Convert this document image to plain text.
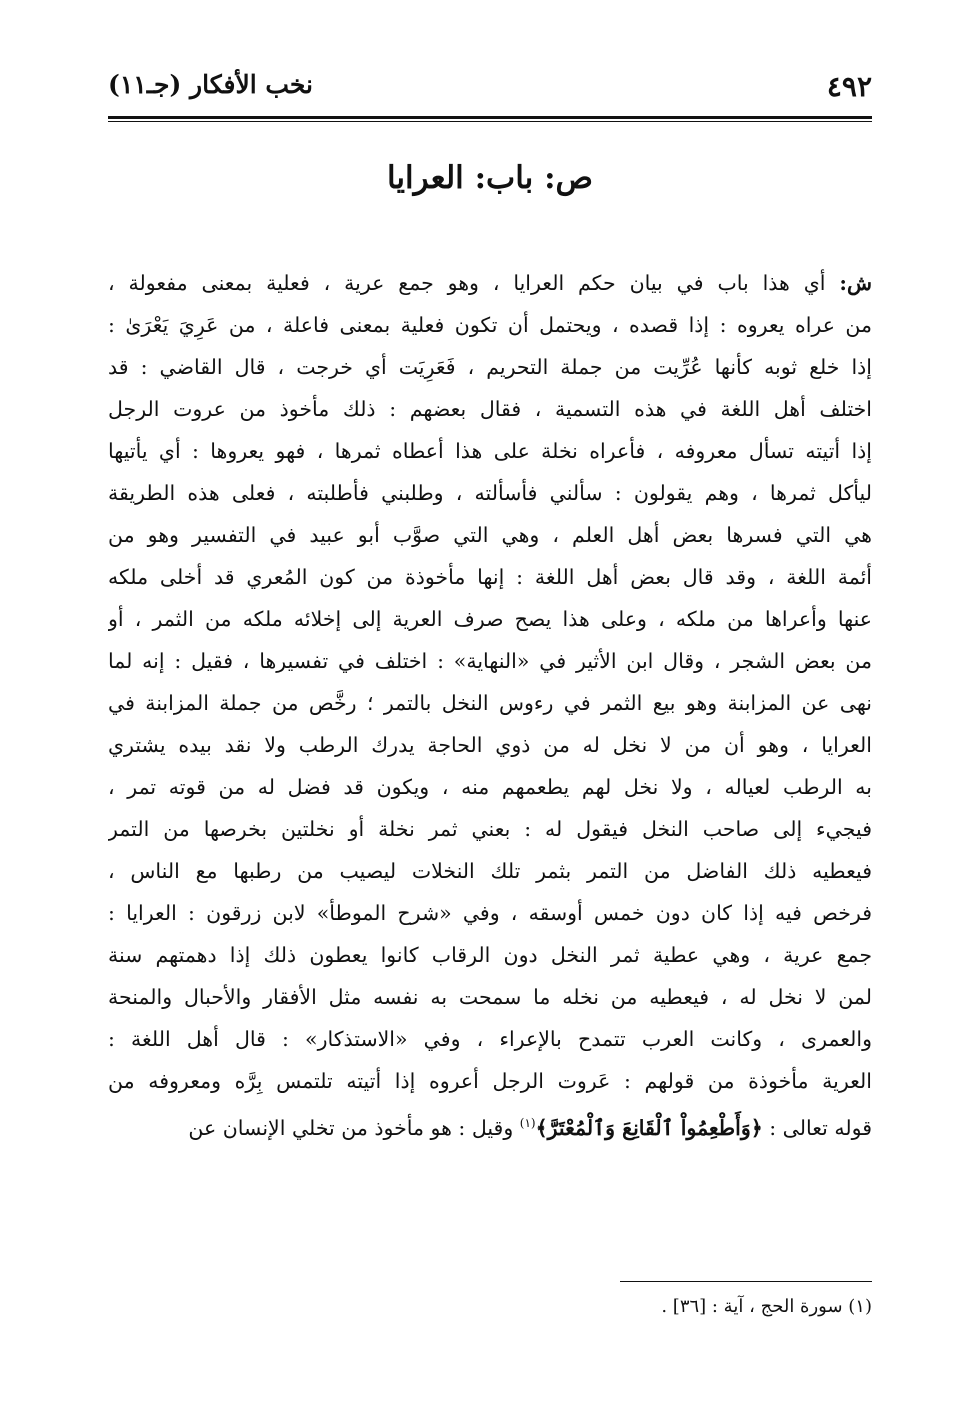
٤٩٢
نخب الأفكار (جـ١١)
ص: باب: العرايا
ش: أي هذا باب في بيان حكم العرايا ، وهو جمع عرية ، فعلية بمعنى مفعولة ،
من عراه يعروه : إذا قصده ، ويحتمل أن تكون فعلية بمعنى فاعلة ، من عَرِيَ يَعْرَىٰ :
إذا خلع ثوبه كأنها عُرِّيت من جملة التحريم ، فَعَرِيَت أي خرجت ، قال القاضي : قد
اختلف أهل اللغة في هذه التسمية ، فقال بعضهم : ذلك مأخوذ من عروت الرجل
إذا أتيته تسأل معروفه ، فأعراه نخلة على هذا أعطاه ثمرها ، فهو يعروها : أي يأتيها
ليأكل ثمرها ، وهم يقولون : سألني فأسألته ، وطلبني فأطلبته ، فعلى هذه الطريقة
هي التي فسرها بعض أهل العلم ، وهي التي صوَّب أبو عبيد في التفسير وهو من
أئمة اللغة ، وقد قال بعض أهل اللغة : إنها مأخوذة من كون المُعري قد أخلى ملكه
عنها وأعراها من ملكه ، وعلى هذا يصح صرف العرية إلى إخلائه ملكه من الثمر ، أو
من بعض الشجر ، وقال ابن الأثير في «النهاية» : اختلف في تفسيرها ، فقيل : إنه لما
نهى عن المزابنة وهو بيع الثمر في رءوس النخل بالتمر ؛ رخَّص من جملة المزابنة في
العرايا ، وهو أن من لا نخل له من ذوي الحاجة يدرك الرطب ولا نقد بيده يشتري
به الرطب لعياله ، ولا نخل لهم يطعمهم منه ، ويكون قد فضل له من قوته تمر ،
فيجيء إلى صاحب النخل فيقول له : بعني ثمر نخلة أو نخلتين بخرصها من التمر
فيعطيه ذلك الفاضل من التمر بثمر تلك النخلات ليصيب من رطبها مع الناس ،
فرخص فيه إذا كان دون خمس أوسقه ، وفي «شرح الموطأ» لابن زرقون : العرايا :
جمع عرية ، وهي عطية ثمر النخل دون الرقاب كانوا يعطون ذلك إذا دهمتهم سنة
لمن لا نخل له ، فيعطيه من نخله ما سمحت به نفسه مثل الأفقار والأحبال والمنحة
والعمرى ، وكانت العرب تتمدح بالإعراء ، وفي «الاستذكار» : قال أهل اللغة :
العرية مأخوذة من قولهم : عَروت الرجل أعروه إذا أتيته تلتمس بِرَّه ومعروفه من
قوله تعالى : ﴿وَأَطْعِمُواْ ٱلْقَانِعَ وَٱلْمُعْتَرَّ﴾$^{(١)}$ وقيل : هو مأخوذ من تخلي الإنسان عن
(١) سورة الحج ، آية : [٣٦] .
